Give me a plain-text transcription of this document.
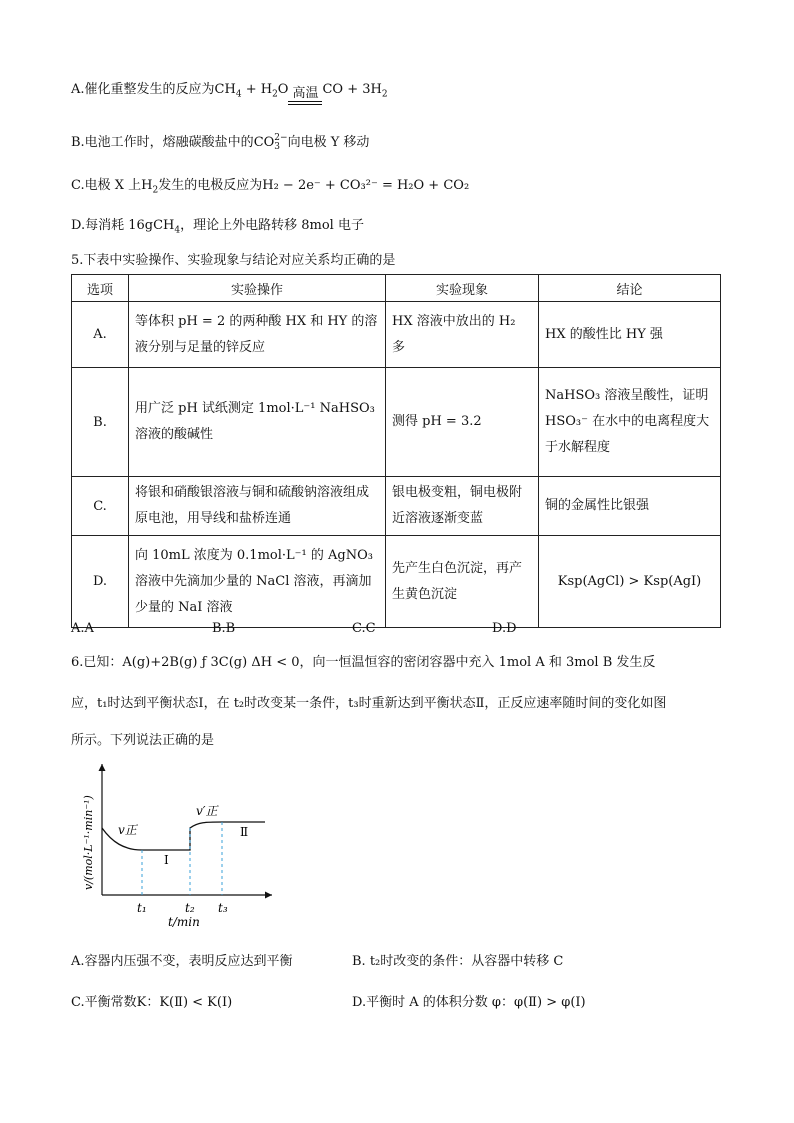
A.催化重整发生的反应为$CH_4 + H_2O$ 高温 CO + $3H_2$
B.电池工作时，熔融碳酸盐中的CO 2−
3 向电极 Y 移动
C.电极 X 上$H_2$发生的电极反应为H₂ − 2e⁻ + CO₃²⁻ = H₂O + CO₂
D.每消耗 16gCH$_4$，理论上外电路转移 8mol 电子
5.下表中实验操作、实验现象与结论对应关系均正确的是
选项	实验操作	实验现象	结论
A.	等体积 pH = 2 的两种酸 HX 和 HY 的溶液分别与足量的锌反应	HX 溶液中放出的 H₂ 多	HX 的酸性比 HY 强
B.	用广泛 pH 试纸测定 1mol·L⁻¹ NaHSO₃ 溶液的酸碱性	测得 pH = 3.2	NaHSO₃ 溶液呈酸性，证明 HSO₃⁻ 在水中的电离程度大于水解程度
C.	将银和硝酸银溶液与铜和硫酸钠溶液组成原电池，用导线和盐桥连通	银电极变粗，铜电极附近溶液逐渐变蓝	铜的金属性比银强
D.	向 10mL 浓度为 0.1mol·L⁻¹ 的 AgNO₃ 溶液中先滴加少量的 NaCl 溶液，再滴加少量的 NaI 溶液	先产生白色沉淀，再产生黄色沉淀	Ksp(AgCl) > Ksp(AgI)
A.A	B.B	C.C	D.D
6.已知：A(g)+2B(g) ƒ 3C(g) ΔH < 0，向一恒温恒容的密闭容器中充入 1mol A 和 3mol B 发生反
应，t₁时达到平衡状态Ⅰ，在 t₂时改变某一条件，t₃时重新达到平衡状态Ⅱ，正反应速率随时间的变化如图
所示。下列说法正确的是
v/(mol·L⁻¹·min⁻¹)
t/min
v正
v′正
Ⅰ
Ⅱ
t₁	t₂ t₃
A.容器内压强不变，表明反应达到平衡	B. t₂时改变的条件：从容器中转移 C
C.平衡常数K：K(Ⅱ) < K(Ⅰ)	D.平衡时 A 的体积分数 φ：φ(Ⅱ) > φ(Ⅰ)
